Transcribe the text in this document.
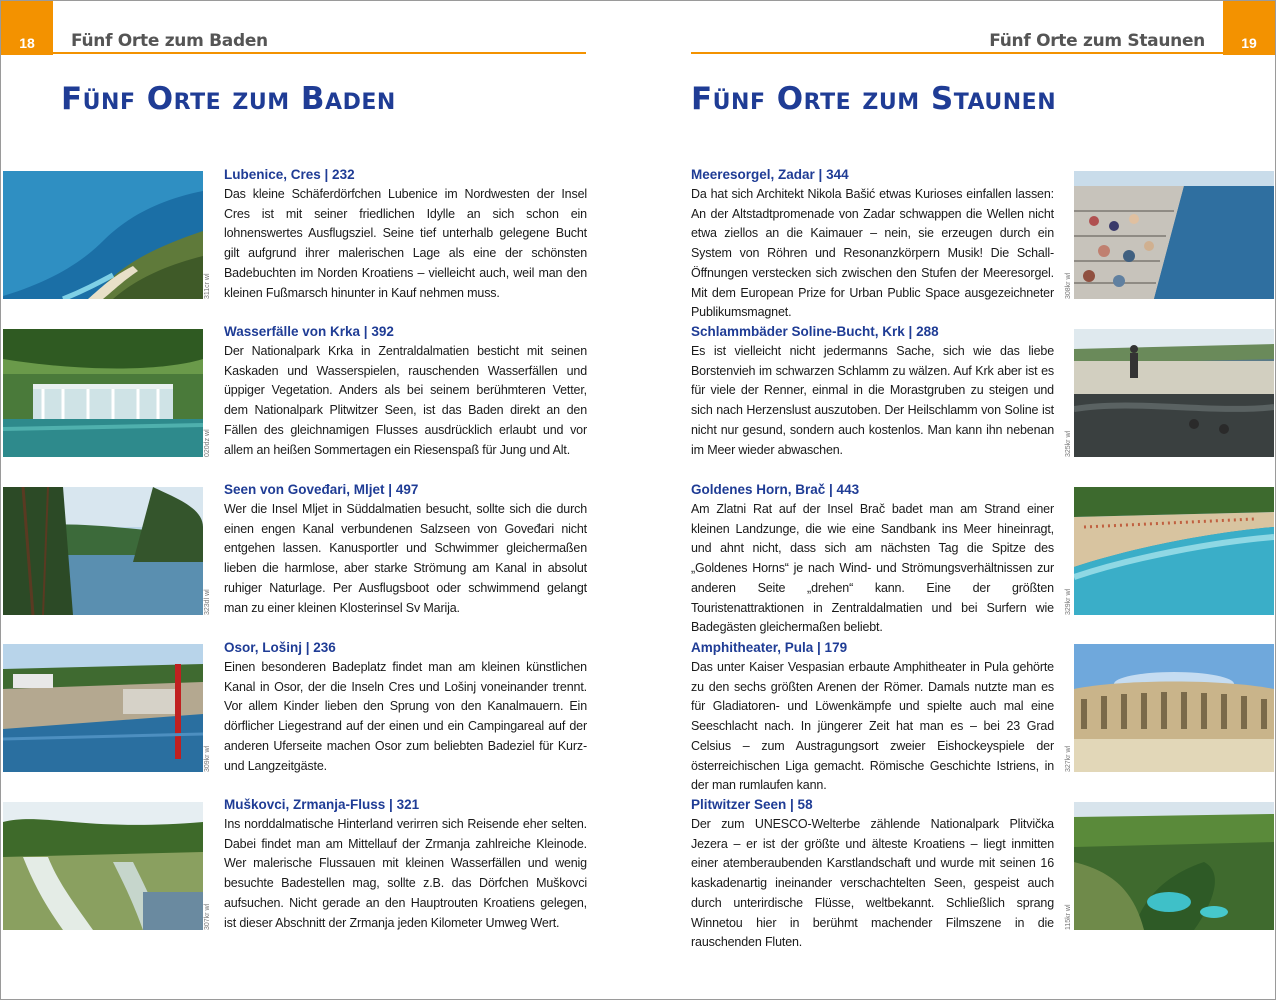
18	Fünf Orte zum Baden
Fünf Orte zum Baden
19
Fünf Orte zum Staunen
Fünf Orte zum Staunen
311cr wl
020dz wl
323dl wl
309kr wl
307kr wl
308kr wl
325kr wl
329kr wl
327kr wl
115kr wl
Lubenice, Cres | 232

Das kleine Schäferdörfchen Lubenice im Nordwesten der Insel Cres ist mit seiner friedlichen Idylle an sich schon ein lohnenswertes Ausflugsziel. Seine tief unterhalb gelegene Bucht gilt aufgrund ihrer malerischen Lage als eine der schönsten Badebuchten im Norden Kroatiens – vielleicht auch, weil man den kleinen Fußmarsch hinunter in Kauf nehmen muss.

Wasserfälle von Krka | 392

Der Nationalpark Krka in Zentraldalmatien besticht mit seinen Kaskaden und Wasserspielen, rauschenden Wasserfällen und üppiger Vegetation. Anders als bei seinem berühmteren Vetter, dem Nationalpark Plitwitzer Seen, ist das Baden direkt an den Fällen des gleichnamigen Flusses ausdrücklich erlaubt und vor allem an heißen Sommertagen ein Riesenspaß für Jung und Alt.

Seen von Goveđari, Mljet | 497

Wer die Insel Mljet in Süddalmatien besucht, sollte sich die durch einen engen Kanal verbundenen Salzseen von Goveđari nicht entgehen lassen. Kanusportler und Schwimmer gleichermaßen lieben die harmlose, aber starke Strömung am Kanal in absolut ruhiger Naturlage. Per Ausflugsboot oder schwimmend gelangt man zu einer kleinen Klosterinsel Sv Marija.

Osor, Lošinj | 236

Einen besonderen Badeplatz findet man am kleinen künstlichen Kanal in Osor, der die Inseln Cres und Lošinj voneinander trennt. Vor allem Kinder lieben den Sprung von den Kanalmauern. Ein dörflicher Liegestrand auf der einen und ein Campingareal auf der anderen Uferseite machen Osor zum beliebten Badeziel für Kurz- und Langzeitgäste.

Muškovci, Zrmanja-Fluss | 321

Ins norddalmatische Hinterland verirren sich Reisende eher selten. Dabei findet man am Mittellauf der Zrmanja zahlreiche Kleinode. Wer malerische Flussauen mit kleinen Wasserfällen und wenig besuchte Badestellen mag, sollte z.B. das Dörfchen Muškovci aufsuchen. Nicht gerade an den Hauptrouten Kroatiens gelegen, ist dieser Abschnitt der Zrmanja jeden Kilometer Umweg Wert.

Meeresorgel, Zadar | 344

Da hat sich Architekt Nikola Bašić etwas Kurioses einfallen lassen: An der Altstadtpromenade von Zadar schwappen die Wellen nicht etwa ziellos an die Kaimauer – nein, sie erzeugen durch ein System von Röhren und Resonanzkörpern Musik! Die Schall-Öffnungen verstecken sich zwischen den Stufen der Meeresorgel. Mit dem European Prize for Urban Public Space ausgezeichneter Publikumsmagnet.

Schlammbäder Soline-Bucht, Krk | 288

Es ist vielleicht nicht jedermanns Sache, sich wie das liebe Borstenvieh im schwarzen Schlamm zu wälzen. Auf Krk aber ist es für viele der Renner, einmal in die Morastgruben zu steigen und sich nach Herzenslust auszutoben. Der Heilschlamm von Soline ist nicht nur gesund, sondern auch kostenlos. Man kann ihn nebenan im Meer wieder abwaschen.

Goldenes Horn, Brač | 443

Am Zlatni Rat auf der Insel Brač badet man am Strand einer kleinen Landzunge, die wie eine Sandbank ins Meer hineinragt, und ahnt nicht, dass sich am nächsten Tag die Spitze des „Goldenes Horns“ je nach Wind- und Strömungsverhältnissen zur anderen Seite „drehen“ kann. Eine der größten Touristenattraktionen in Zentraldalmatien und bei Surfern wie Badegästen gleichermaßen beliebt.

Amphitheater, Pula | 179

Das unter Kaiser Vespasian erbaute Amphitheater in Pula gehörte zu den sechs größten Arenen der Römer. Damals nutzte man es für Gladiatoren- und Löwenkämpfe und spielte auch mal eine Seeschlacht nach. In jüngerer Zeit hat man es – bei 23 Grad Celsius – zum Austragungsort zweier Eishockeyspiele der österreichischen Liga gemacht. Römische Geschichte Istriens, in der man rumlaufen kann.

Plitwitzer Seen | 58

Der zum UNESCO-Welterbe zählende Nationalpark Plitvička Jezera – er ist der größte und älteste Kroatiens – liegt inmitten einer atemberaubenden Karstlandschaft und wurde mit seinen 16 kaskadenartig ineinander verschachtelten Seen, gespeist auch durch unterirdische Flüsse, weltbekannt. Schließlich sprang Winnetou hier in berühmt machender Filmszene in die rauschenden Fluten.
